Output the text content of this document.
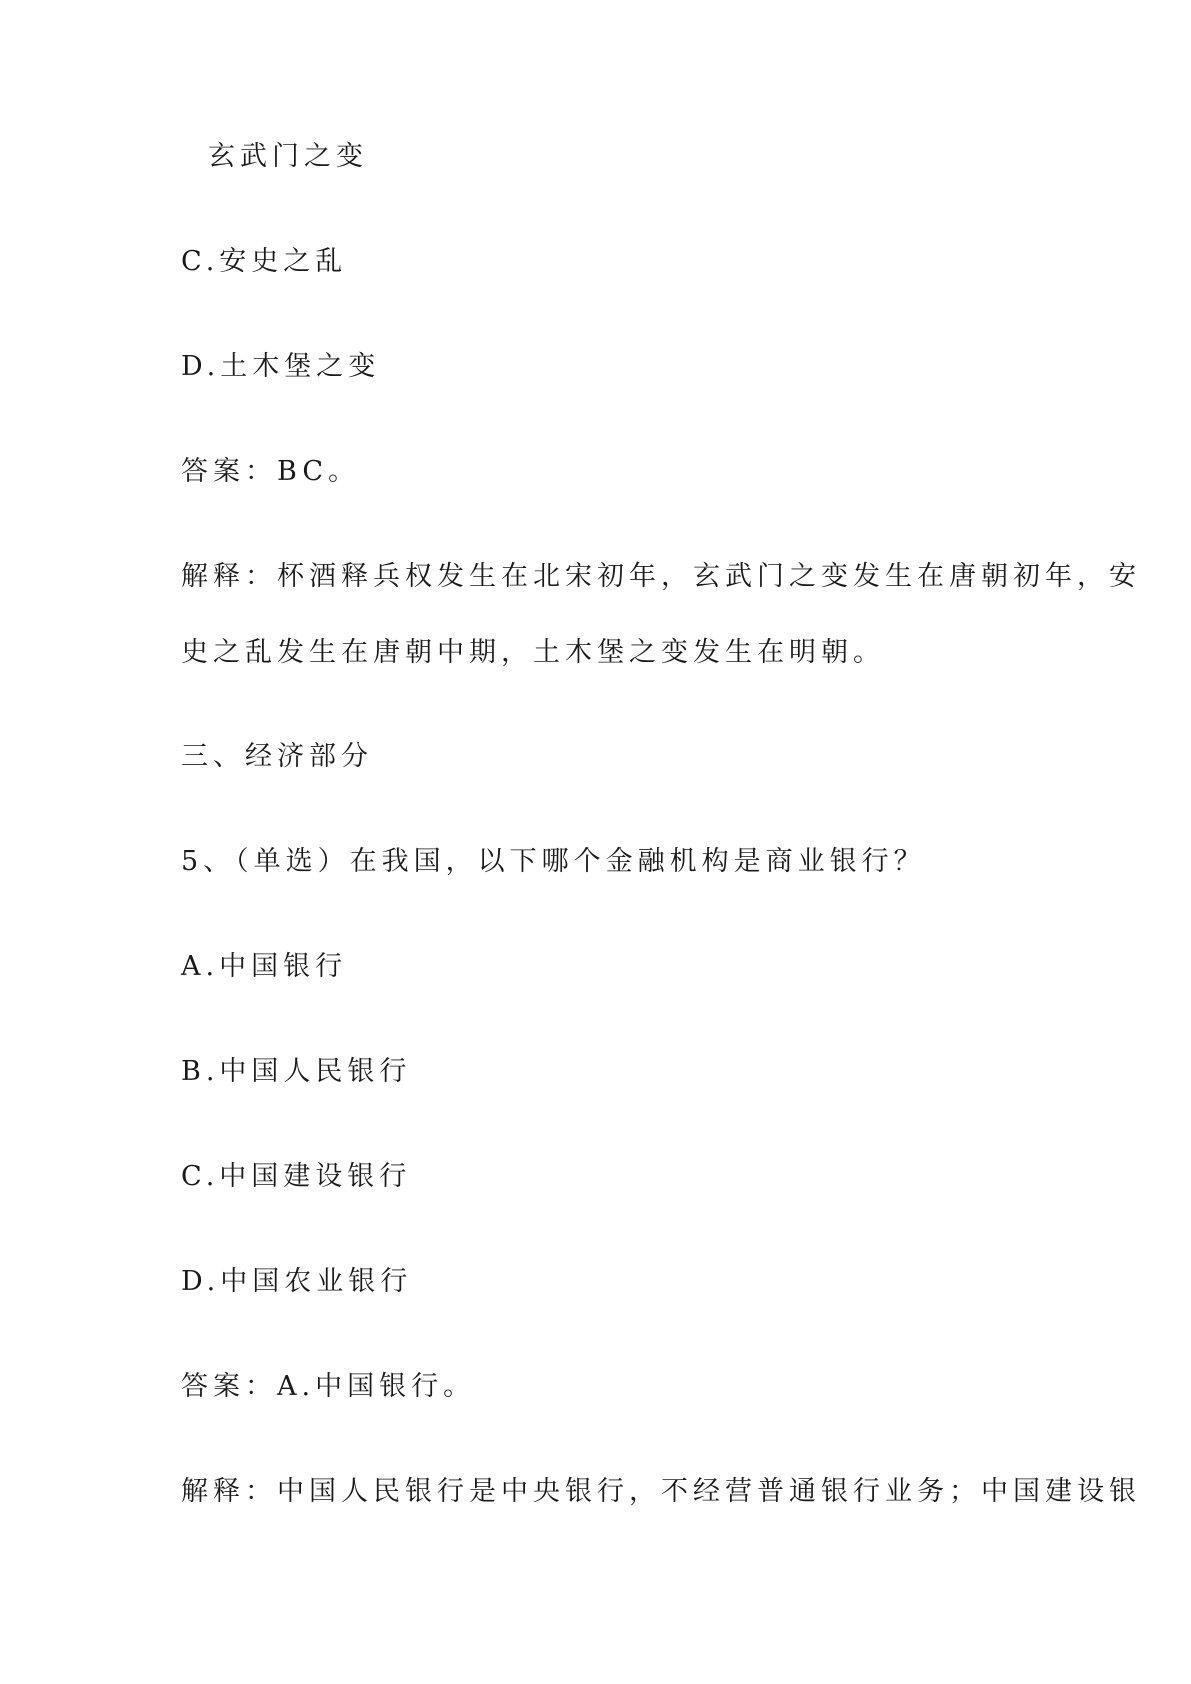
玄武门之变
C.安史之乱
D.土木堡之变
答案：BC。
解释：杯酒释兵权发生在北宋初年，玄武门之变发生在唐朝初年，安
史之乱发生在唐朝中期，土木堡之变发生在明朝。
三、经济部分
5、（单选）在我国，以下哪个金融机构是商业银行？
A.中国银行
B.中国人民银行
C.中国建设银行
D.中国农业银行
答案：A.中国银行。
解释：中国人民银行是中央银行，不经营普通银行业务；中国建设银
